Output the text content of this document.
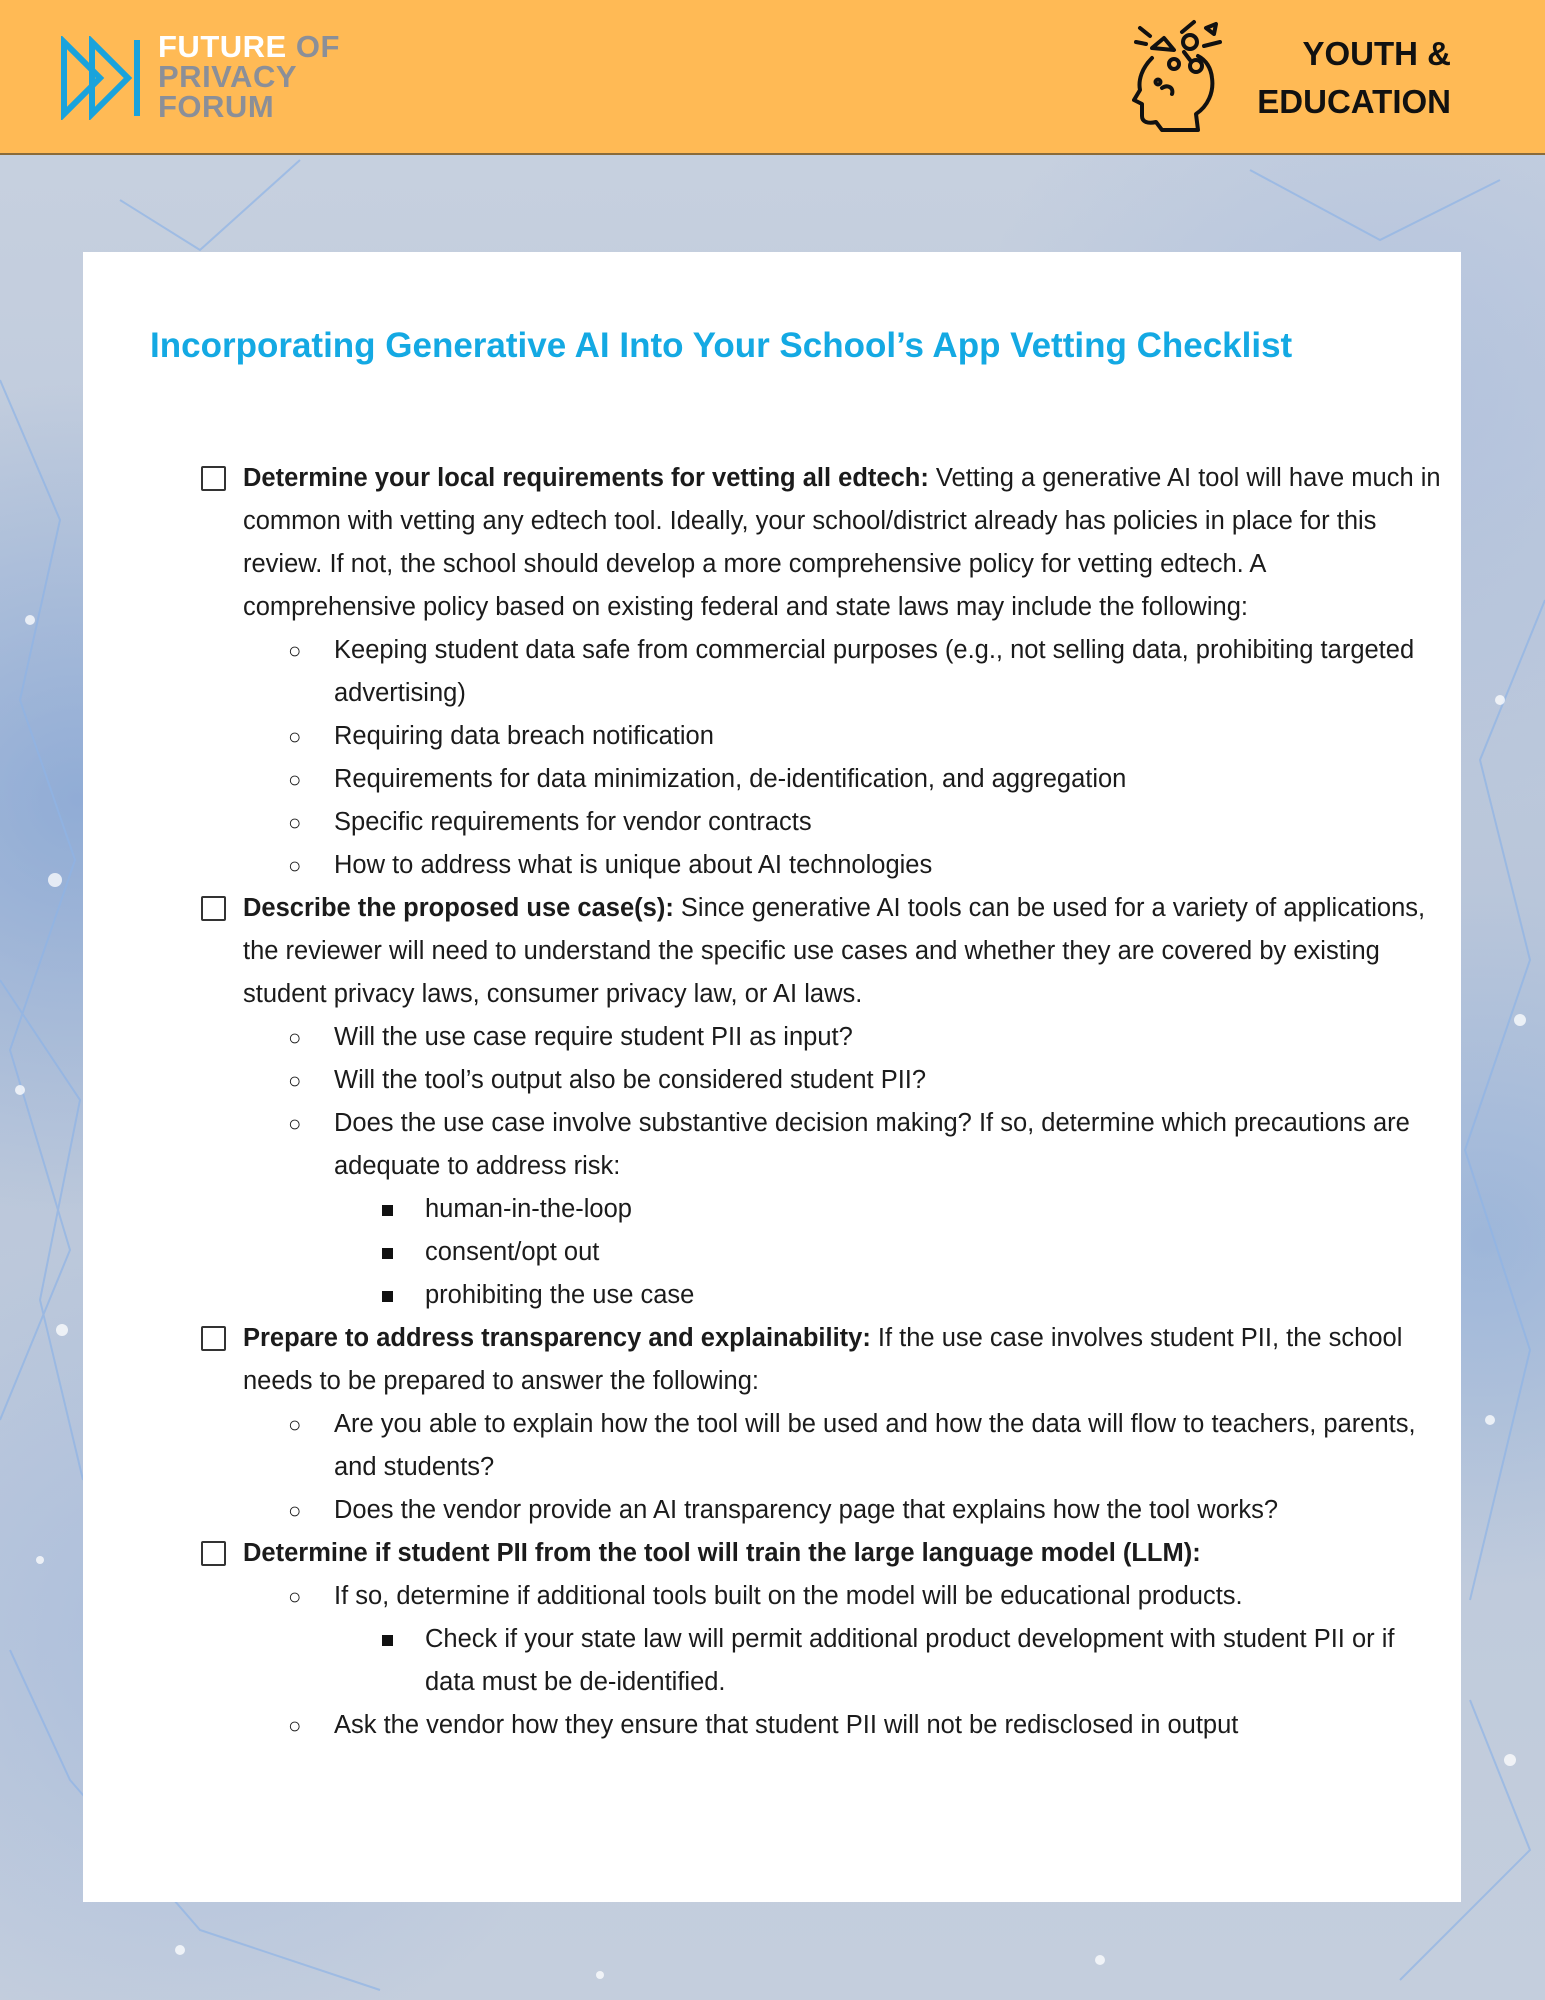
FUTURE OF
PRIVACY
FORUM
YOUTH &
EDUCATION
Incorporating Generative AI Into Your School’s App Vetting Checklist
Determine your local requirements for vetting all edtech: Vetting a generative AI tool will have much in common with vetting any edtech tool. Ideally, your school/district already has policies in place for this review. If not, the school should develop a more comprehensive policy for vetting edtech. A comprehensive policy based on existing federal and state laws may include the following:
○ Keeping student data safe from commercial purposes (e.g., not selling data, prohibiting targeted advertising)
○ Requiring data breach notification
○ Requirements for data minimization, de-identification, and aggregation
○ Specific requirements for vendor contracts
○ How to address what is unique about AI technologies
Describe the proposed use case(s): Since generative AI tools can be used for a variety of applications, the reviewer will need to understand the specific use cases and whether they are covered by existing student privacy laws, consumer privacy law, or AI laws.
○ Will the use case require student PII as input?
○ Will the tool’s output also be considered student PII?
○ Does the use case involve substantive decision making? If so, determine which precautions are adequate to address risk:
human-in-the-loop
consent/opt out
prohibiting the use case
Prepare to address transparency and explainability: If the use case involves student PII, the school needs to be prepared to answer the following:
○ Are you able to explain how the tool will be used and how the data will flow to teachers, parents, and students?
○ Does the vendor provide an AI transparency page that explains how the tool works?
Determine if student PII from the tool will train the large language model (LLM):
○ If so, determine if additional tools built on the model will be educational products.
Check if your state law will permit additional product development with student PII or if data must be de-identified.
○ Ask the vendor how they ensure that student PII will not be redisclosed in output
